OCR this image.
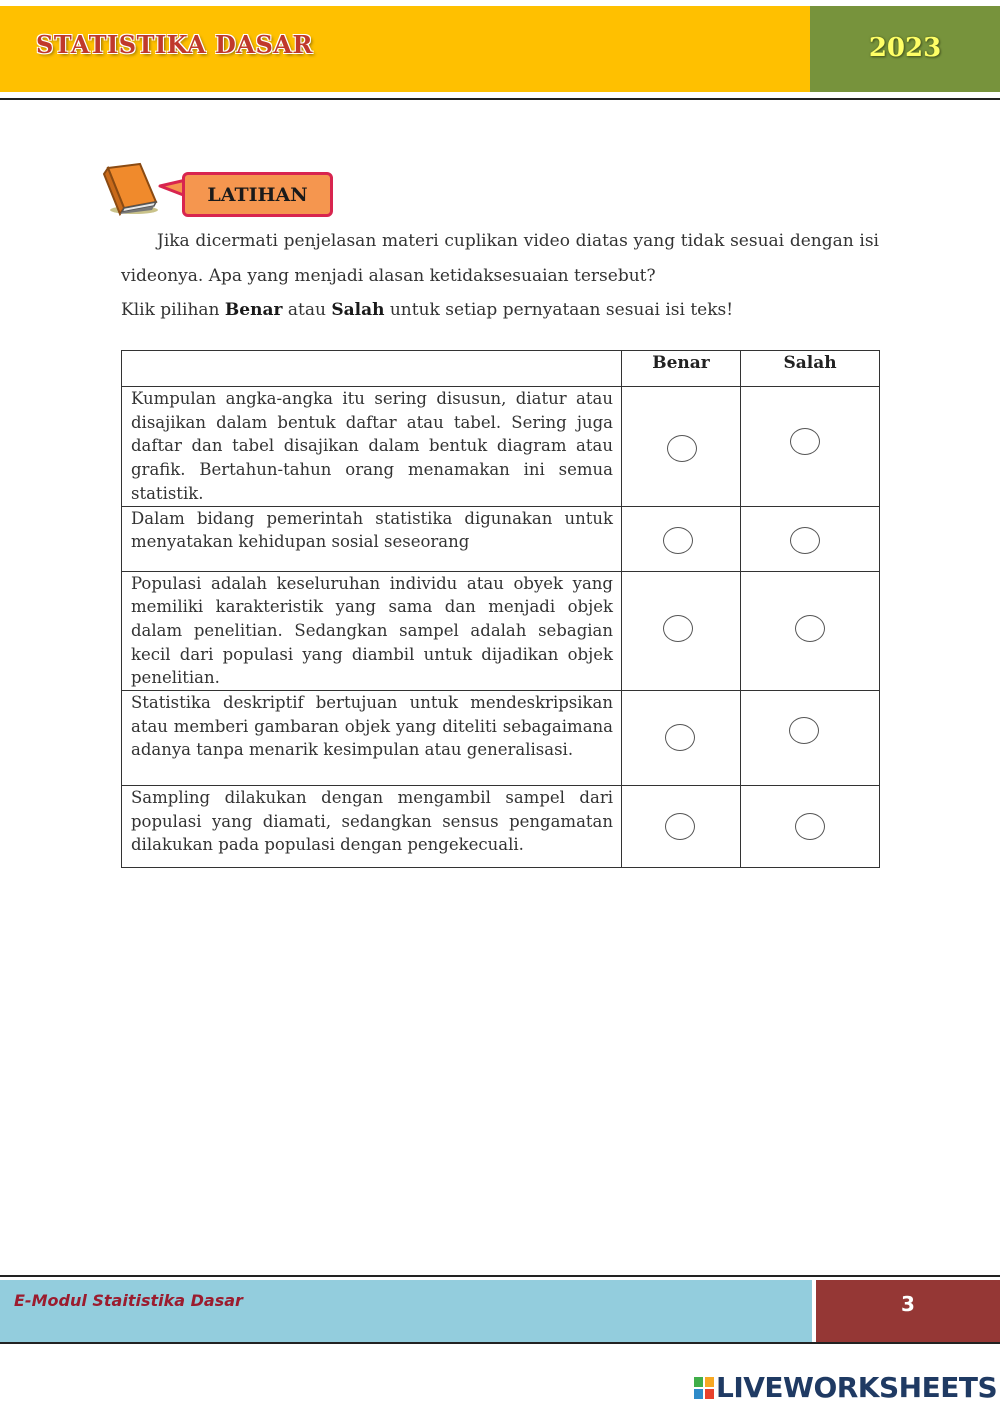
STATISTIKA DASAR	2023
LATIHAN
Jika dicermati penjelasan materi cuplikan video diatas yang tidak sesuai dengan isi videonya. Apa yang menjadi alasan ketidaksesuaian tersebut?
Klik pilihan Benar atau Salah untuk setiap pernyataan sesuai isi teks!
	Benar	Salah
Kumpulan angka-angka itu sering disusun, diatur atau disajikan dalam bentuk daftar atau tabel. Sering juga daftar dan tabel disajikan dalam bentuk diagram atau grafik. Bertahun-tahun orang menamakan ini semua statistik.	

Dalam bidang pemerintah statistika digunakan untuk menyatakan kehidupan sosial seseorang	

Populasi adalah keseluruhan individu atau obyek yang memiliki karakteristik yang sama dan menjadi objek dalam penelitian. Sedangkan sampel adalah sebagian kecil dari populasi yang diambil untuk dijadikan objek penelitian.	

Statistika deskriptif bertujuan untuk mendeskripsikan atau memberi gambaran objek yang diteliti sebagaimana adanya tanpa menarik kesimpulan atau generalisasi.	

Sampling dilakukan dengan mengambil sampel dari populasi yang diamati, sedangkan sensus pengamatan dilakukan pada populasi dengan pengekecuali.	

E-Modul Staitistika Dasar	3
LIVEWORKSHEETS
